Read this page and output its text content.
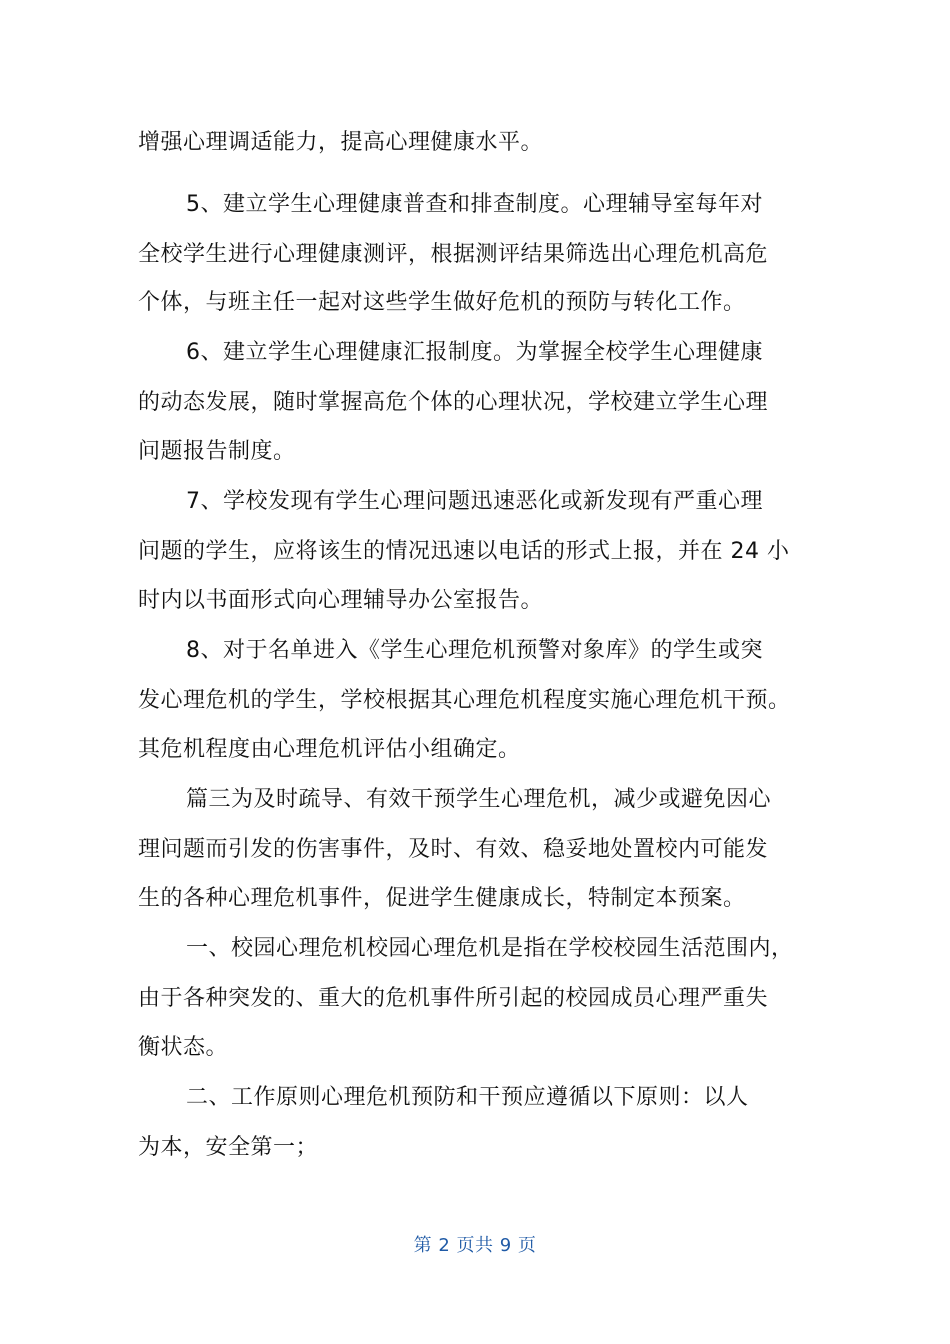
增强心理调适能力，提高心理健康水平。
5、建立学生心理健康普查和排查制度。心理辅导室每年对
全校学生进行心理健康测评，根据测评结果筛选出心理危机高危
个体，与班主任一起对这些学生做好危机的预防与转化工作。
6、建立学生心理健康汇报制度。为掌握全校学生心理健康
的动态发展，随时掌握高危个体的心理状况，学校建立学生心理
问题报告制度。
7、学校发现有学生心理问题迅速恶化或新发现有严重心理
问题的学生，应将该生的情况迅速以电话的形式上报，并在 24 小
时内以书面形式向心理辅导办公室报告。
8、对于名单进入《学生心理危机预警对象库》的学生或突
发心理危机的学生，学校根据其心理危机程度实施心理危机干预。
其危机程度由心理危机评估小组确定。
篇三为及时疏导、有效干预学生心理危机，减少或避免因心
理问题而引发的伤害事件，及时、有效、稳妥地处置校内可能发
生的各种心理危机事件，促进学生健康成长，特制定本预案。
一、校园心理危机校园心理危机是指在学校校园生活范围内，
由于各种突发的、重大的危机事件所引起的校园成员心理严重失
衡状态。
二、工作原则心理危机预防和干预应遵循以下原则：以人
为本，安全第一；
第 2 页共 9 页
